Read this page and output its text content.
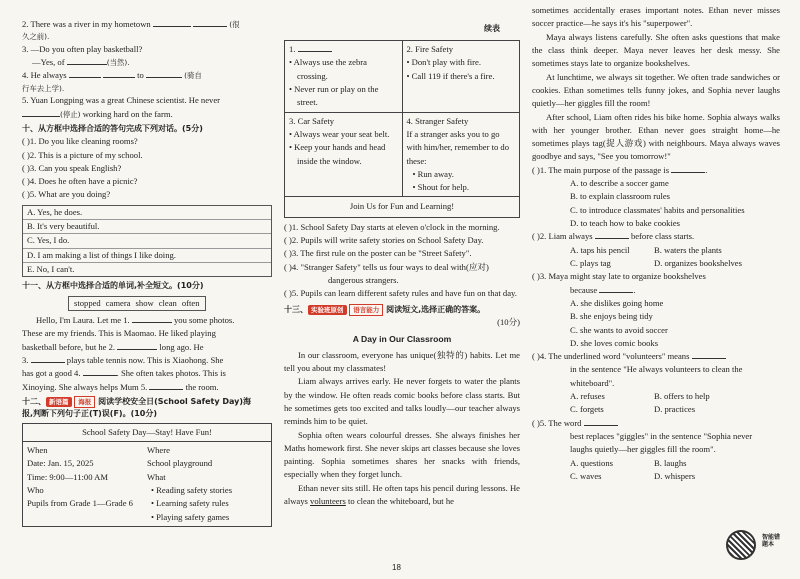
2. There was a river in my hometown	(很
久之前).
3. —Do you often play basketball?
—Yes, of	(当然).
4. He always	to	(骑自
行车去上学).
5. Yuan Longping was a great Chinese scientist. He never
(停止) working hard on the farm.
十、从方框中选择合适的答句完成下列对话。(5分)
( )1. Do you like cleaning rooms?
( )2. This is a picture of my school.
( )3. Can you speak English?
( )4. Does he often have a picnic?
( )5. What are you doing?
A. Yes, he does.
B. It's very beautiful.
C. Yes, I do.
D. I am making a list of things I like doing.
E. No, I can't.
十一、从方框中选择合适的单词,补全短文。(10分)
stopped camera show clean often
Hello, I'm Laura. Let me 1.	you some photos.
These are my friends. This is Maomao. He liked playing
basketball before, but he 2.	long ago. He
3.	plays table tennis now. This is Xiaohong. She
has got a good 4.	. She often takes photos. This is
Xinoying. She always helps Mum 5.	the room.
十二、 新语篇 海报 阅读学校安全日(School Safety Day)海
报,判断下列句子正(T)误(F)。(10分)
School Safety Day—Stay! Have Fun!
When
Date: Jan. 15, 2025
Time: 9:00—11:00 AM
Who
Pupils from Grade 1—Grade 6
Where
School playground
What
• Reading safety stories
• Learning safety rules
• Playing safety games
续表
1.
• Always use the zebra crossing.
• Never run or play on the street.	2. Fire Safety
• Don't play with fire.
• Call 119 if there's a fire.

3. Car Safety
• Always wear your seat belt.
• Keep your hands and head inside the window.	4. Stranger Safety
If a stranger asks you to go with him/her, remember to do these:
• Run away.
• Shout for help.
Join Us for Fun and Learning!
( )1. School Safety Day starts at eleven o'clock in the morning.
( )2. Pupils will write safety stories on School Safety Day.
( )3. The first rule on the poster can be "Street Safety".
( )4. "Stranger Safety" tells us four ways to deal with(应对) dangerous strangers.
( )5. Pupils can learn different safety rules and have fun on that day.
十三、 实验班原创 语言能力 阅读短文,选择正确的答案。
(10分)
A Day in Our Classroom
In our classroom, everyone has unique(独特的) habits. Let me tell you about my classmates!
Liam always arrives early. He never forgets to water the plants by the window. He often reads comic books before class starts. But he sometimes gets too excited and talks loudly—our teacher always reminds him to be quiet.
Sophia often wears colourful dresses. She always finishes her Maths homework first. She never skips art classes because she loves painting. Sophia sometimes shares her snacks with friends, especially when they forget lunch.
Ethan never sits still. He often taps his pencil during lessons. He always volunteers to clean the whiteboard, but he
sometimes accidentally erases important notes. Ethan never misses soccer practice—he says it's his "superpower".
Maya always listens carefully. She often asks questions that make the class think deeper. Maya never leaves her desk messy. She sometimes stays late to organize bookshelves.
At lunchtime, we always sit together. We often trade sandwiches or cookies. Ethan sometimes tells funny jokes, and Sophia never laughs quietly—her giggles fill the room!
After school, Liam often rides his bike home. Sophia always walks with her younger brother. Ethan never goes straight home—he sometimes plays tag(捉人游戏) with neighbours. Maya always waves goodbye and says, "See you tomorrow!"
( )1. The main purpose of the passage is	.
A. to describe a soccer game
B. to explain classroom rules
C. to introduce classmates' habits and personalities
D. to teach how to bake cookies
( )2. Liam always	before class starts.
A. taps his pencil	B. waters the plants
C. plays tag	D. organizes bookshelves
( )3. Maya might stay late to organize bookshelves
because	.
A. she dislikes going home
B. she enjoys being tidy
C. she wants to avoid soccer
D. she loves comic books
( )4. The underlined word "volunteers" means
in the sentence "He always volunteers to clean the whiteboard".
A. refuses	B. offers to help
C. forgets	D. practices
( )5. The word
best replaces "giggles" in the sentence "Sophia never laughs quietly—her giggles fill the room".
A. questions	B. laughs
C. waves	D. whispers
智能错题本
18
